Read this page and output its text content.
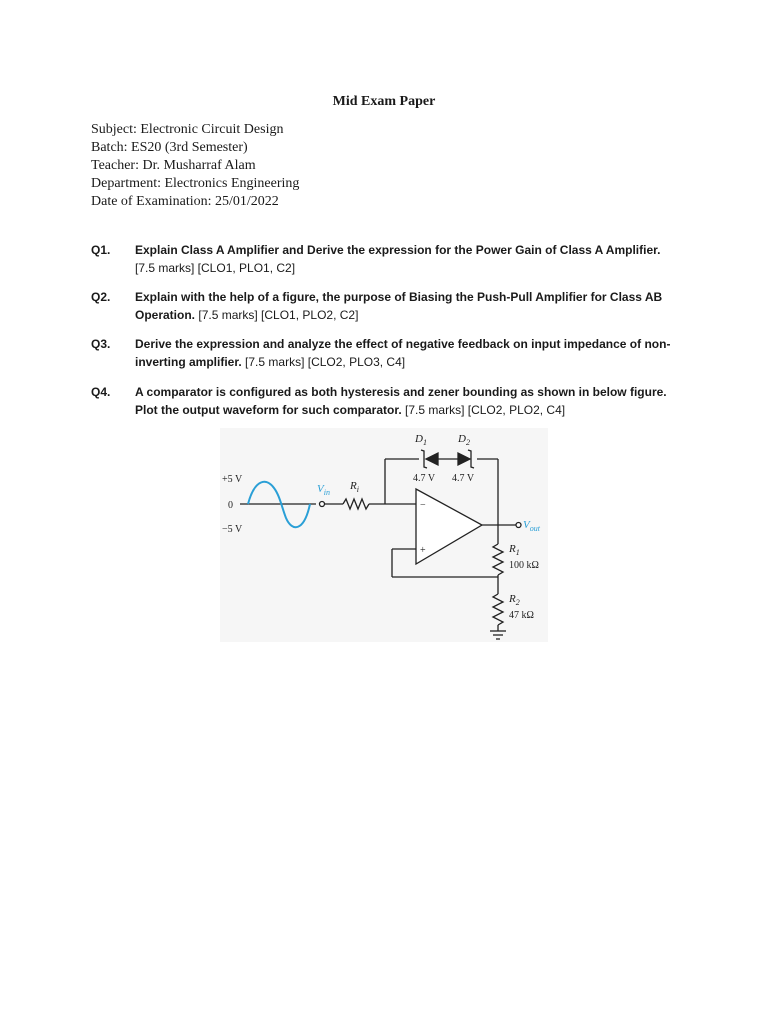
Mid Exam Paper
Subject: Electronic Circuit Design
Batch: ES20 (3rd Semester)
Teacher: Dr. Musharraf Alam
Department: Electronics Engineering
Date of Examination: 25/01/2022
Q1. Explain Class A Amplifier and Derive the expression for the Power Gain of Class A Amplifier.
[7.5 marks] [CLO1, PLO1, C2]
Q2. Explain with the help of a figure, the purpose of Biasing the Push-Pull Amplifier for Class AB Operation. [7.5 marks] [CLO1, PLO2, C2]
Q3. Derive the expression and analyze the effect of negative feedback on input impedance of non-inverting amplifier. [7.5 marks] [CLO2, PLO3, C4]
Q4. A comparator is configured as both hysteresis and zener bounding as shown in below figure. Plot the output waveform for such comparator. [7.5 marks] [CLO2, PLO2, C4]
$D_1$	$D_2$
4.7 V 4.7 V
+5 V
0
−5 V
$V_{in}$
$R_i$
$V_{out}$
$R_1$
100 kΩ
$R_2$
47 kΩ
−
+
